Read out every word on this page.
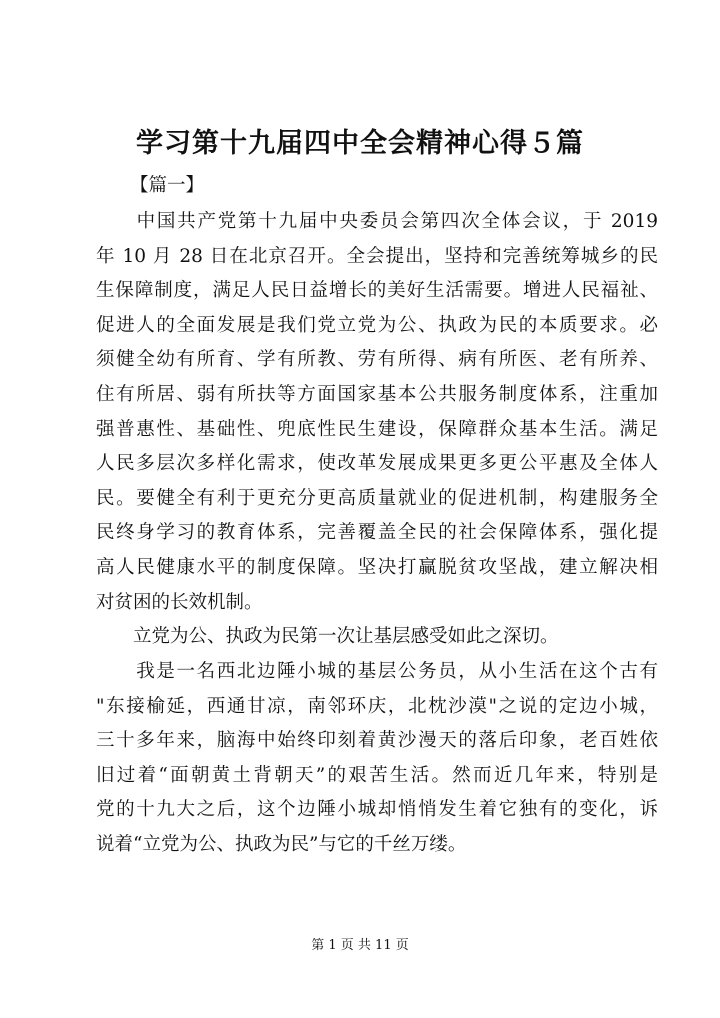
学习第十九届四中全会精神心得５篇
【篇一】
　　中国共产党第十九届中央委员会第四次全体会议，于 2019
年 10 月 28 日在北京召开。全会提出，坚持和完善统筹城乡的民
生保障制度，满足人民日益增长的美好生活需要。增进人民福祉、
促进人的全面发展是我们党立党为公、执政为民的本质要求。必
须健全幼有所育、学有所教、劳有所得、病有所医、老有所养、
住有所居、弱有所扶等方面国家基本公共服务制度体系，注重加
强普惠性、基础性、兜底性民生建设，保障群众基本生活。满足
人民多层次多样化需求，使改革发展成果更多更公平惠及全体人
民。要健全有利于更充分更高质量就业的促进机制，构建服务全
民终身学习的教育体系，完善覆盖全民的社会保障体系，强化提
高人民健康水平的制度保障。坚决打赢脱贫攻坚战，建立解决相
对贫困的长效机制。
　　立党为公、执政为民第一次让基层感受如此之深切。
　　我是一名西北边陲小城的基层公务员，从小生活在这个古有
"东接榆延，西通甘凉，南邻环庆，北枕沙漠"之说的定边小城，
三十多年来，脑海中始终印刻着黄沙漫天的落后印象，老百姓依
旧过着“面朝黄土背朝天”的艰苦生活。然而近几年来，特别是
党的十九大之后，这个边陲小城却悄悄发生着它独有的变化，诉
说着“立党为公、执政为民”与它的千丝万缕。
第 1 页 共 11 页
